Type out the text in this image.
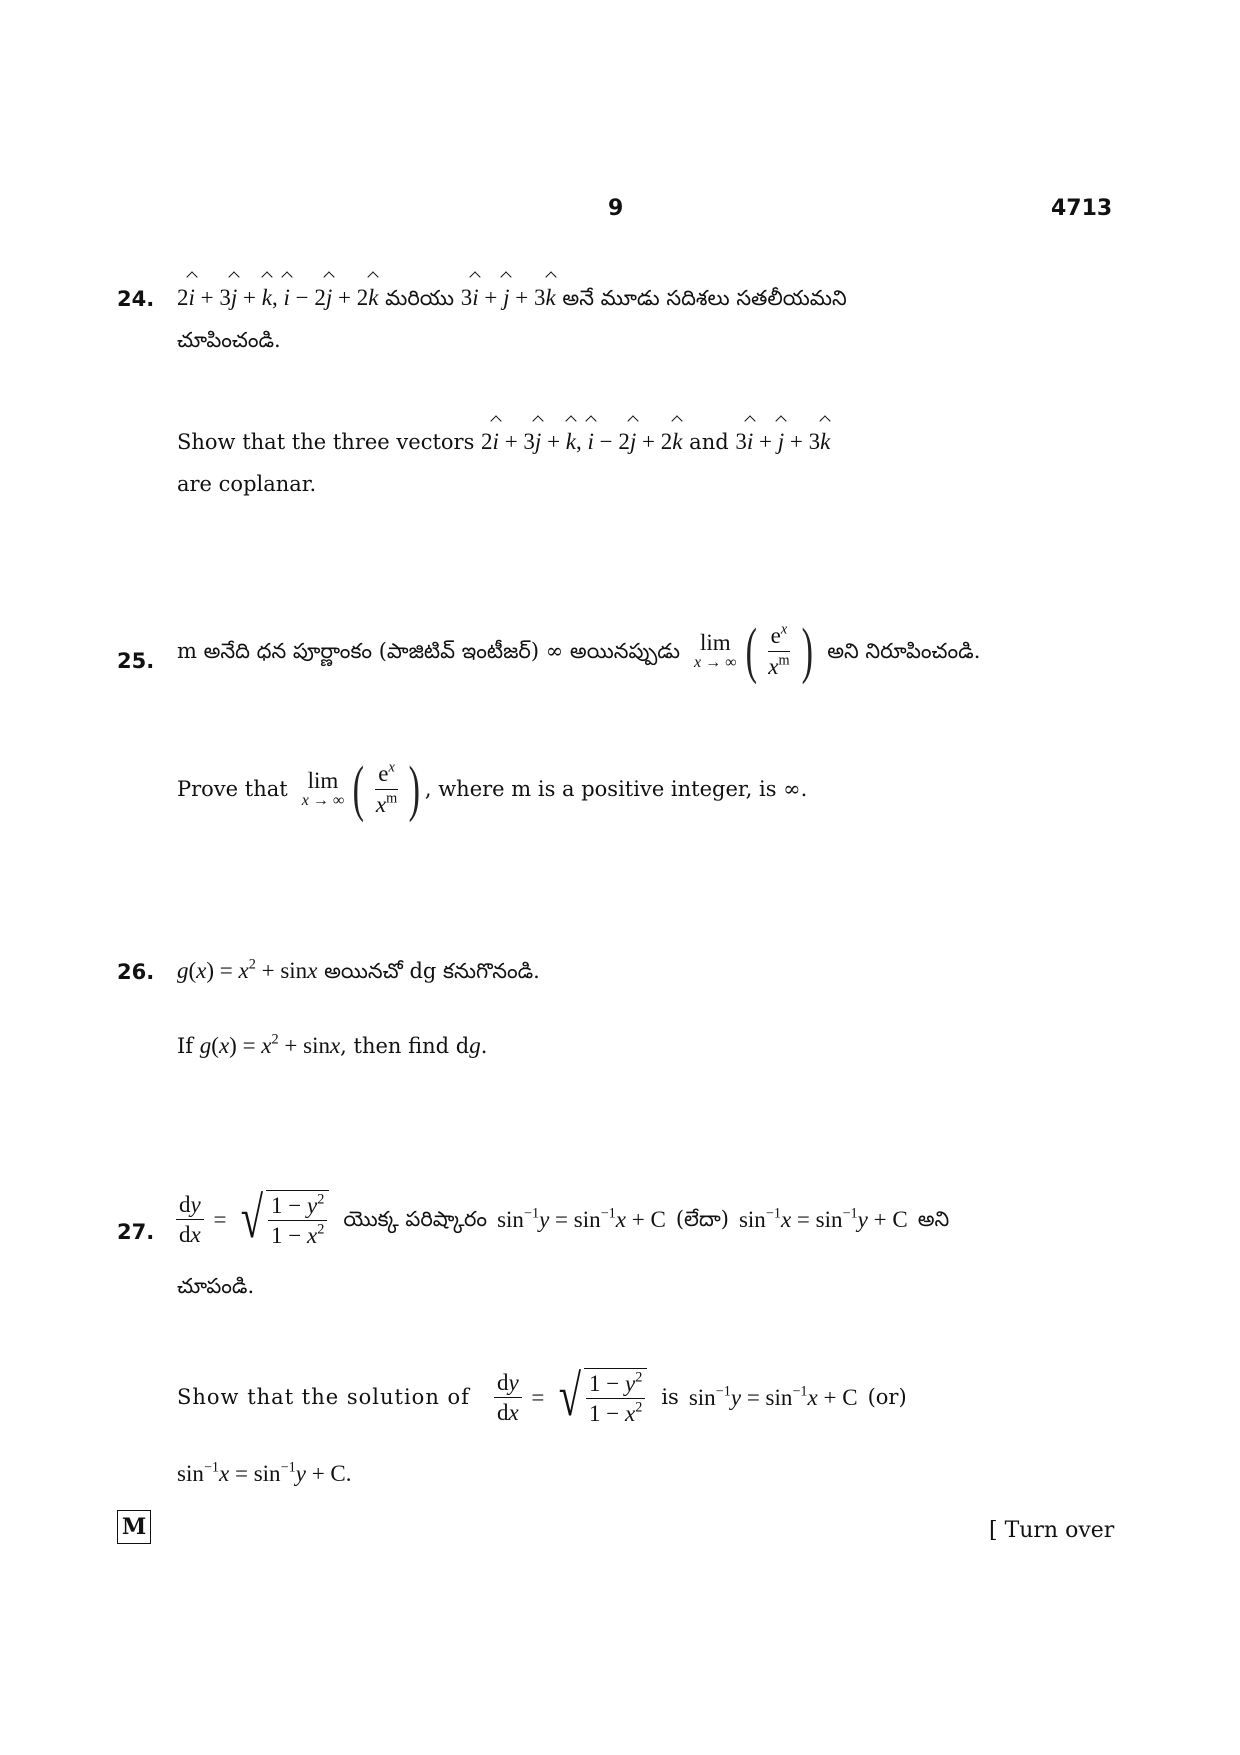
9	4713
24. 2i + 3j + k, i − 2j + 2k మరియు 3i + j + 3k అనే మూడు సదిశలు సతలీయమని
చూపించండి.
Show that the three vectors 2i + 3j + k, i − 2j + 2k and 3i + j + 3k
are coplanar.
25. m అనేది ధన పూర్ణాంకం (పాజిటివ్ ఇంటీజర్) ∞ అయినప్పుడు lim
x → ∞ ( $\frac{e^x}{x^m}$ ) అని నిరూపించండి.
Prove that lim
x → ∞ ( $\frac{e^x}{x^m}$ ) , where m is a positive integer, is ∞.
26. $g(x) = x^2 + \sin x$ అయినచో dg కనుగొనండి.
If $g(x) = x^2 + \sin x$, then find dg.
27. $\frac{dy}{dx}$ = √ $\frac{1 - y^2}{1 - x^2}$ యొక్క పరిష్కారం $\sin^{-1}y = \sin^{-1}x + C$ (లేదా) $\sin^{-1}x = \sin^{-1}y + C$ అని
చూపండి.
Show that the solution of $\frac{dy}{dx}$ = √ $\frac{1 - y^2}{1 - x^2}$ is $\sin^{-1}y = \sin^{-1}x + C$ (or)
$\sin^{-1}x = \sin^{-1}y + C$.
M	[ Turn over
